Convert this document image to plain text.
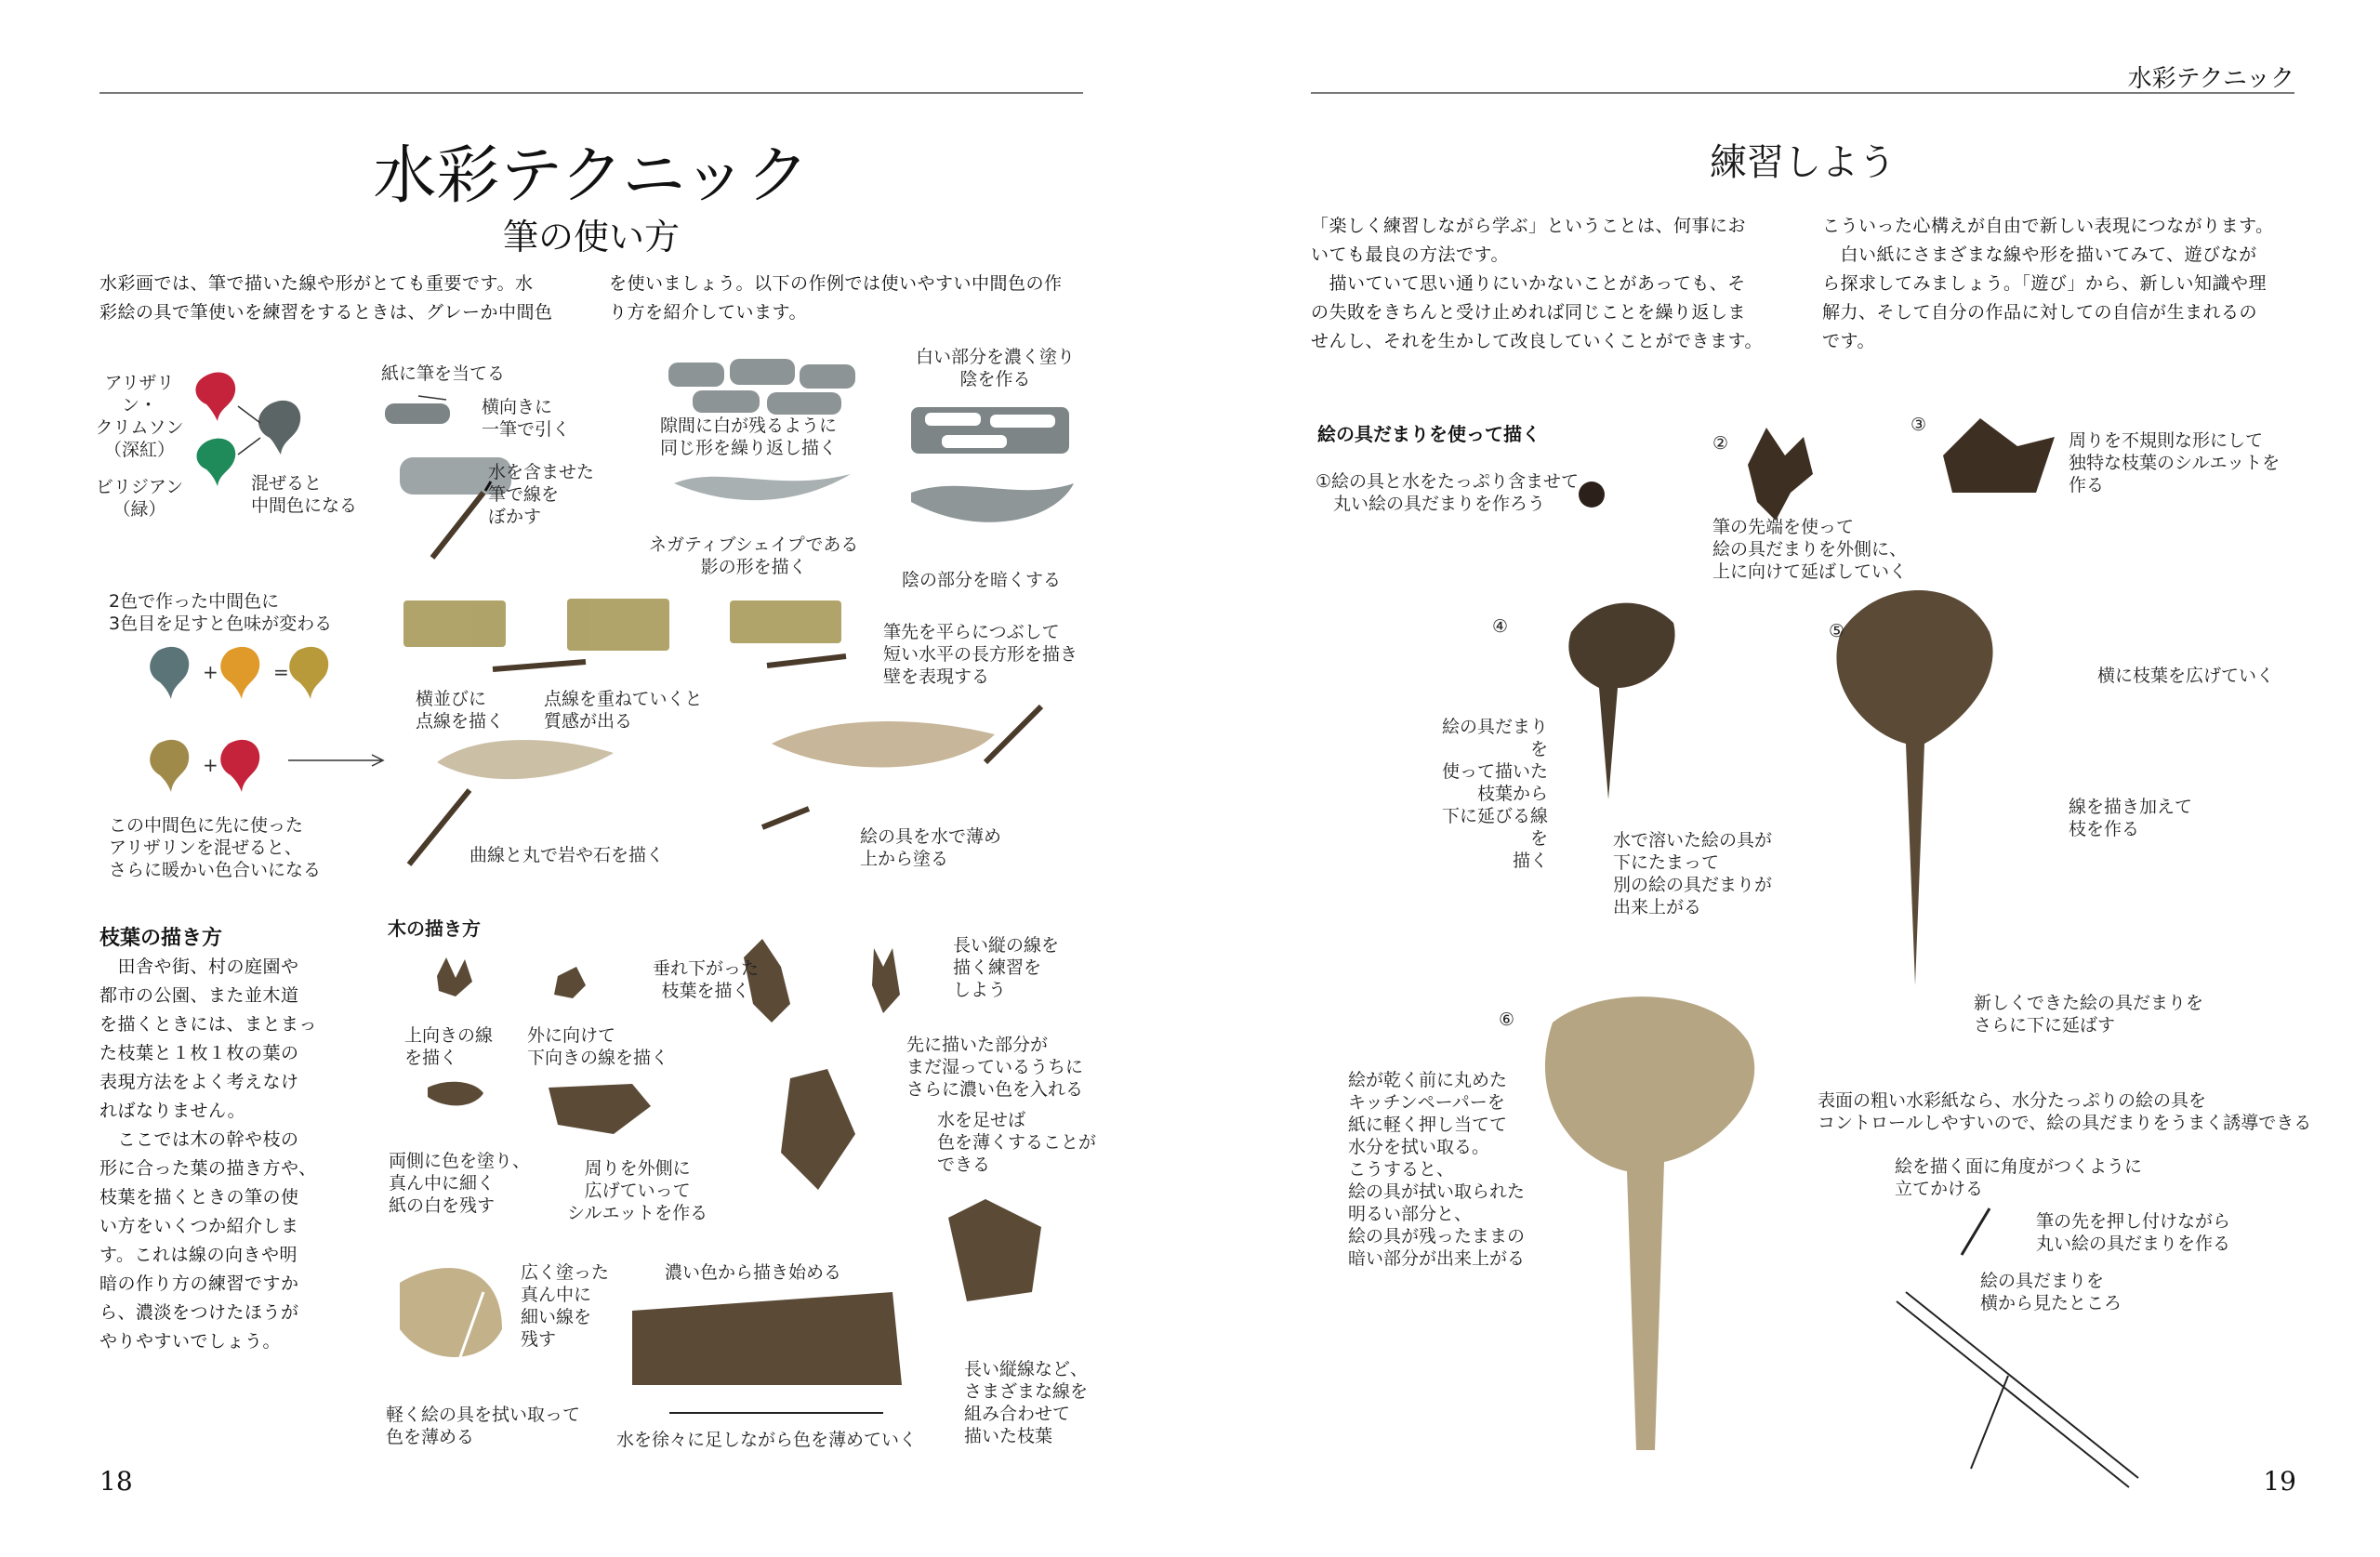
水彩テクニック
水彩テクニック
筆の使い方
水彩画では、筆で描いた線や形がとても重要です。水
彩絵の具で筆使いを練習をするときは、グレーか中間色
を使いましょう。以下の作例では使いやすい中間色の作
り方を紹介しています。
アリザリン・
クリムソン
（深紅）
ビリジアン
（緑）
混ぜると
中間色になる
紙に筆を当てる
横向きに
一筆で引く
水を含ませた
筆で線を
ぼかす
隙間に白が残るように
同じ形を繰り返し描く
白い部分を濃く塗り
陰を作る
ネガティブシェイプである
影の形を描く
陰の部分を暗くする
+	=
+
2色で作った中間色に
3色目を足すと色味が変わる
この中間色に先に使った
アリザリンを混ぜると、
さらに暖かい色合いになる
横並びに
点線を描く
点線を重ねていくと
質感が出る
筆先を平らにつぶして
短い水平の長方形を描き
壁を表現する
曲線と丸で岩や石を描く
絵の具を水で薄め
上から塗る
枝葉の描き方
　田舎や街、村の庭園や
都市の公園、また並木道
を描くときには、まとまっ
た枝葉と１枚１枚の葉の
表現方法をよく考えなけ
ればなりません。
　ここでは木の幹や枝の
形に合った葉の描き方や、
枝葉を描くときの筆の使
い方をいくつか紹介しま
す。これは線の向きや明
暗の作り方の練習ですか
ら、濃淡をつけたほうが
やりやすいでしょう。
木の描き方
上向きの線
を描く
外に向けて
下向きの線を描く
垂れ下がった
枝葉を描く
長い縦の線を
描く練習を
しよう
先に描いた部分が
まだ湿っているうちに
さらに濃い色を入れる
水を足せば
色を薄くすることが
できる
両側に色を塗り、
真ん中に細く
紙の白を残す
周りを外側に
広げていって
シルエットを作る
広く塗った
真ん中に
細い線を
残す
濃い色から描き始める
軽く絵の具を拭い取って
色を薄める	水を徐々に足しながら色を薄めていく
長い縦線など、
さまざまな線を
組み合わせて
描いた枝葉
18
練習しよう
「楽しく練習しながら学ぶ」ということは、何事にお
いても最良の方法です。
　描いていて思い通りにいかないことがあっても、そ
の失敗をきちんと受け止めれば同じことを繰り返しま
せんし、それを生かして改良していくことができます。
こういった心構えが自由で新しい表現につながります。
　白い紙にさまざまな線や形を描いてみて、遊びなが
ら探求してみましょう。「遊び」から、新しい知識や理
解力、そして自分の作品に対しての自信が生まれるの
です。
絵の具だまりを使って描く
①絵の具と水をたっぷり含ませて
　丸い絵の具だまりを作ろう
②
筆の先端を使って
絵の具だまりを外側に、
上に向けて延ばしていく
③
周りを不規則な形にして
独特な枝葉のシルエットを
作る
④
絵の具だまりを
使って描いた
枝葉から
下に延びる線を
描く
水で溶いた絵の具が
下にたまって
別の絵の具だまりが
出来上がる
⑤
横に枝葉を広げていく
線を描き加えて
枝を作る
新しくできた絵の具だまりを
さらに下に延ばす
⑥
絵が乾く前に丸めた
キッチンペーパーを
紙に軽く押し当てて
水分を拭い取る。
こうすると、
絵の具が拭い取られた
明るい部分と、
絵の具が残ったままの
暗い部分が出来上がる
表面の粗い水彩紙なら、水分たっぷりの絵の具を
コントロールしやすいので、絵の具だまりをうまく誘導できる
絵を描く面に角度がつくように
立てかける
筆の先を押し付けながら
丸い絵の具だまりを作る
絵の具だまりを
横から見たところ
19
